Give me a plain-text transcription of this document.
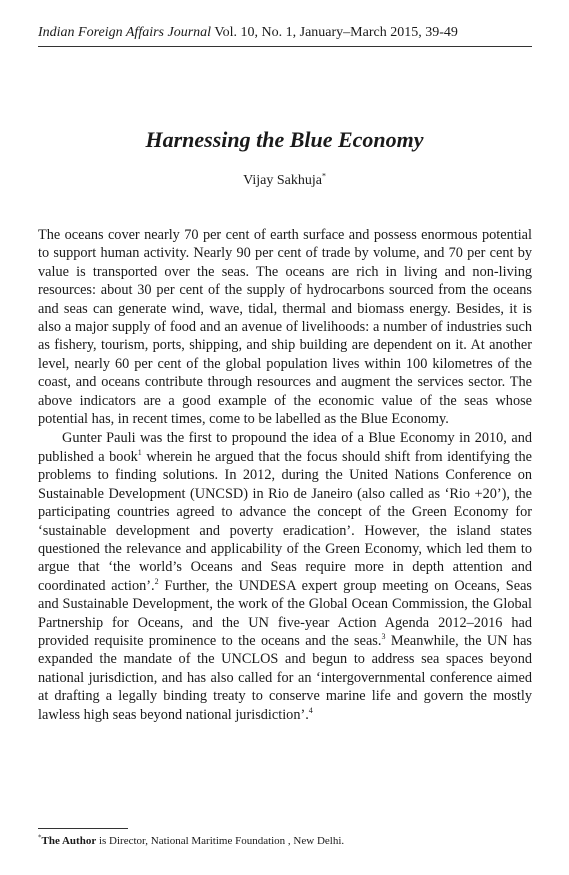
Indian Foreign Affairs Journal Vol. 10, No. 1, January–March 2015, 39-49
Harnessing the Blue Economy
Vijay Sakhuja*

The oceans cover nearly 70 per cent of earth surface and possess enormous potential to support human activity. Nearly 90 per cent of trade by volume, and 70 per cent by value is transported over the seas. The oceans are rich in living and non-living resources: about 30 per cent of the supply of hydrocarbons sourced from the oceans and seas can generate wind, wave, tidal, thermal and biomass energy. Besides, it is also a major supply of food and an avenue of livelihoods: a number of industries such as fishery, tourism, ports, shipping, and ship building are dependent on it. At another level, nearly 60 per cent of the global population lives within 100 kilometres of the coast, and oceans contribute through resources and augment the services sector. The above indicators are a good example of the economic value of the seas whose potential has, in recent times, come to be labelled as the Blue Economy.

Gunter Pauli was the first to propound the idea of a Blue Economy in 2010, and published a book$^1$ wherein he argued that the focus should shift from identifying the problems to finding solutions. In 2012, during the United Nations Conference on Sustainable Development (UNCSD) in Rio de Janeiro (also called as ‘Rio +20’), the participating countries agreed to advance the concept of the Green Economy for ‘sustainable development and poverty eradication’. However, the island states questioned the relevance and applicability of the Green Economy, which led them to argue that ‘the world’s Oceans and Seas require more in depth attention and coordinated action’.$^2$ Further, the UNDESA expert group meeting on Oceans, Seas and Sustainable Development, the work of the Global Ocean Commission, the Global Partnership for Oceans, and the UN five-year Action Agenda 2012–2016 had provided requisite prominence to the oceans and the seas.$^3$ Meanwhile, the UN has expanded the mandate of the UNCLOS and begun to address sea spaces beyond national jurisdiction, and has also called for an ‘intergovernmental conference aimed at drafting a legally binding treaty to conserve marine life and govern the mostly lawless high seas beyond national jurisdiction’.$^4$

*The Author is Director, National Maritime Foundation , New Delhi.
